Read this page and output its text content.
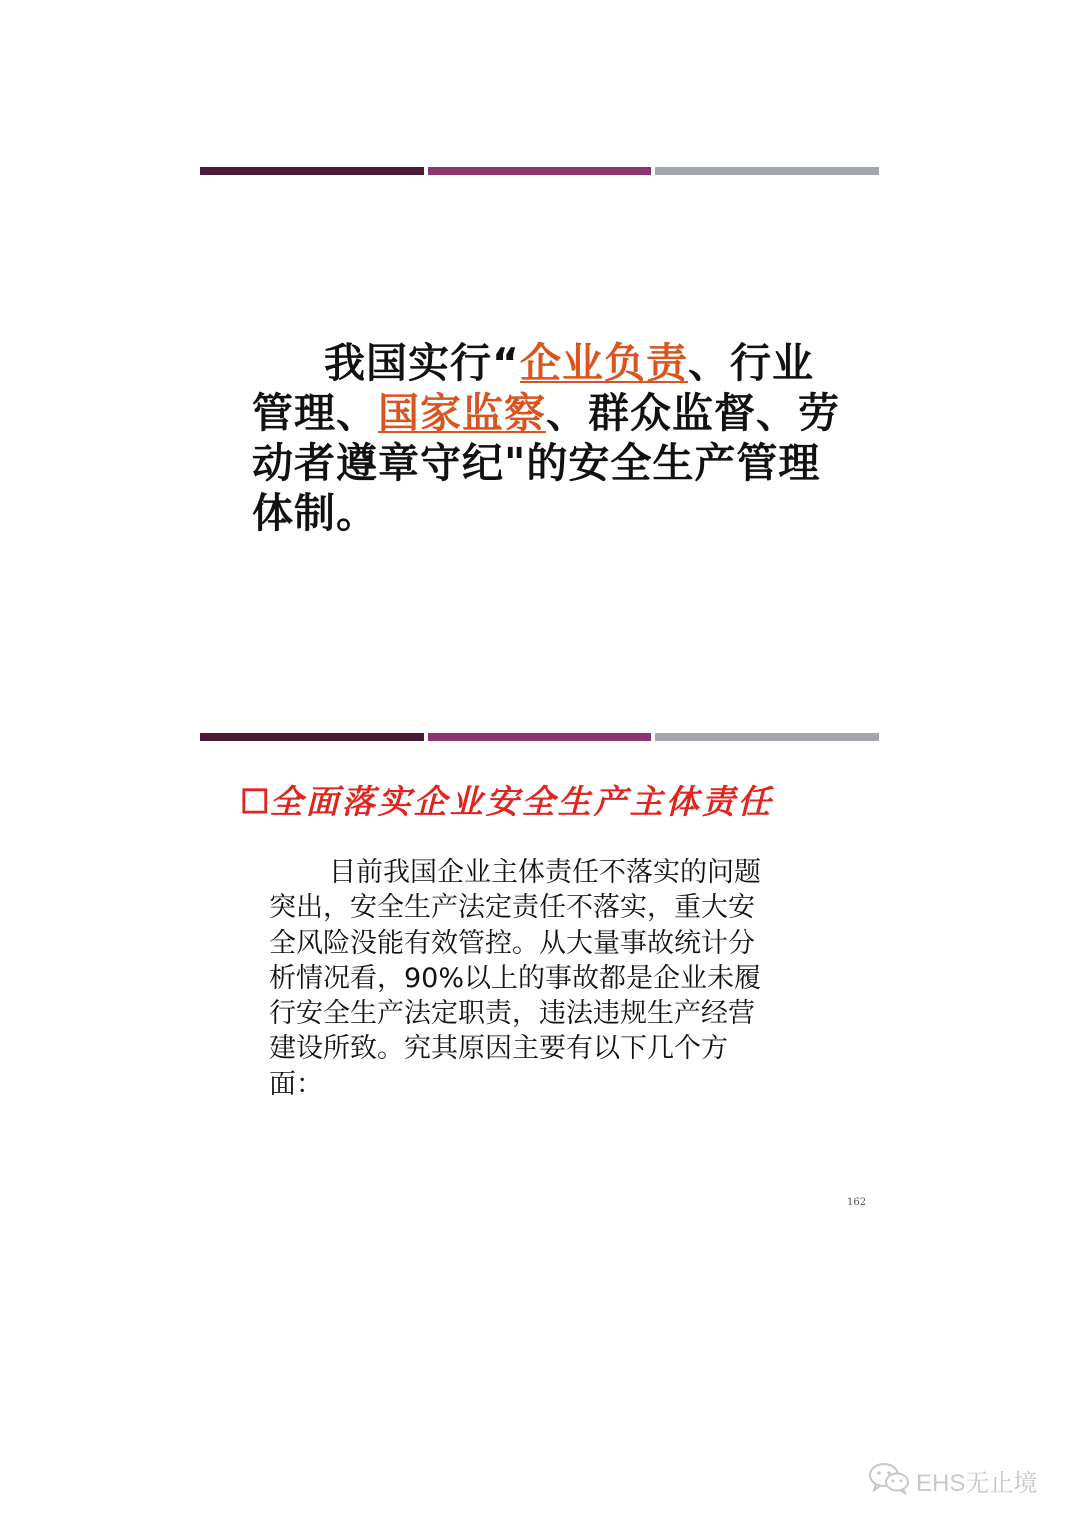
我国实行“企业负责、行业管理、国家监察、群众监督、劳动者遵章守纪"的安全生产管理体制。
☐全面落实企业安全生产主体责任
目前我国企业主体责任不落实的问题突出，安全生产法定责任不落实，重大安全风险没能有效管控。从大量事故统计分析情况看，90%以上的事故都是企业未履行安全生产法定职责，违法违规生产经营建设所致。究其原因主要有以下几个方面：
162
EHS无止境
